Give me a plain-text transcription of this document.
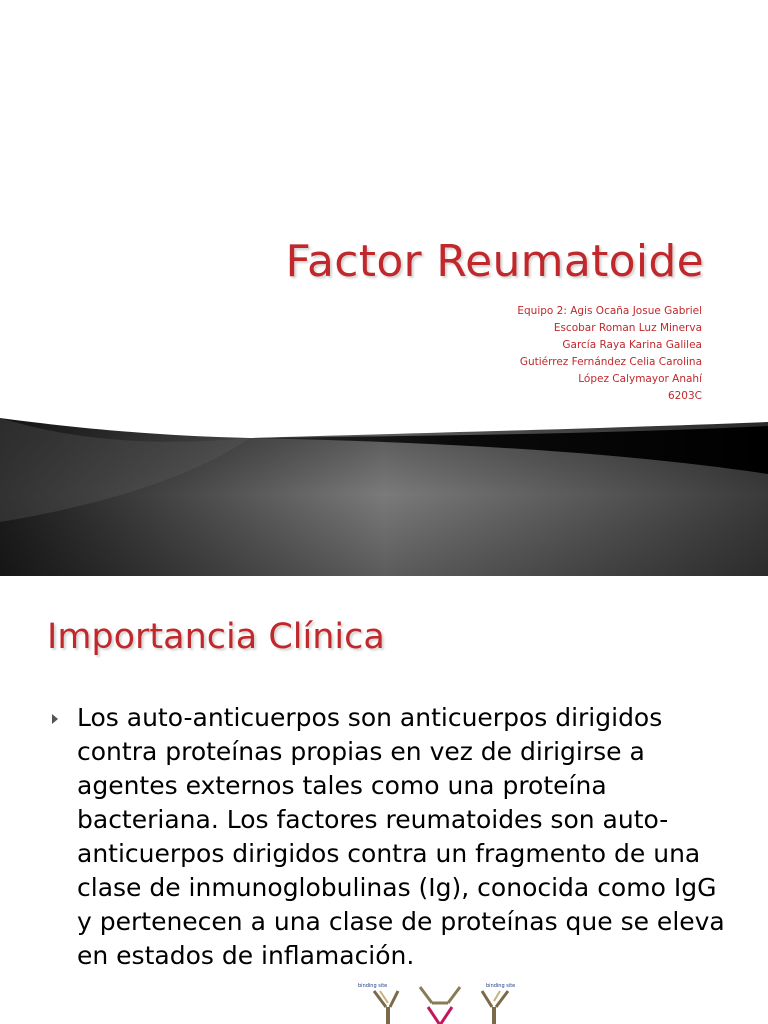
Factor Reumatoide
Equipo 2: Agis Ocaña Josue Gabriel
Escobar Roman Luz Minerva
García Raya Karina Galilea
Gutiérrez Fernández Celia Carolina
López Calymayor Anahí
6203C
Importancia Clínica

Los auto-anticuerpos son anticuerpos dirigidos contra proteínas propias en vez de dirigirse a agentes externos tales como una proteína bacteriana. Los factores reumatoides son auto-anticuerpos dirigidos contra un fragmento de una clase de inmunoglobulinas (Ig), conocida como IgG y pertenecen a una clase de proteínas que se eleva en estados de inflamación.

binding site	binding site
